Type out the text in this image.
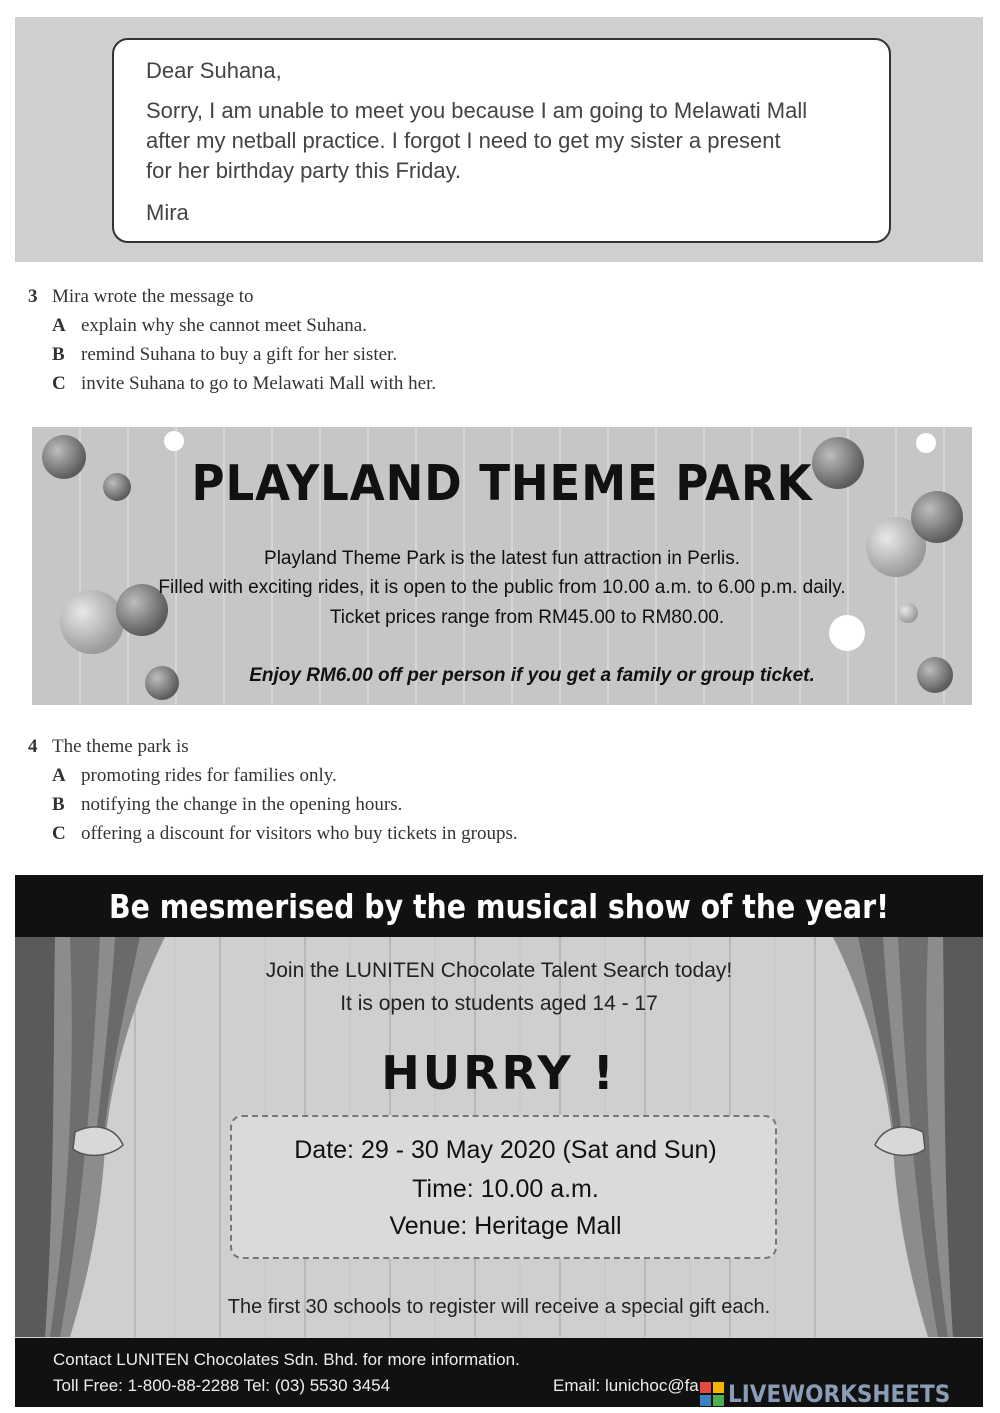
Dear Suhana,
Sorry, I am unable to meet you because I am going to Melawati Mall
after my netball practice. I forgot I need to get my sister a present
for her birthday party this Friday.
Mira
3 Mira wrote the message to
A explain why she cannot meet Suhana.
B remind Suhana to buy a gift for her sister.
C invite Suhana to go to Melawati Mall with her.
PLAYLAND THEME PARK
Playland Theme Park is the latest fun attraction in Perlis.
Filled with exciting rides, it is open to the public from 10.00 a.m. to 6.00 p.m. daily.
Ticket prices range from RM45.00 to RM80.00.
Enjoy RM6.00 off per person if you get a family or group ticket.
4 The theme park is
A promoting rides for families only.
B notifying the change in the opening hours.
C offering a discount for visitors who buy tickets in groups.
Be mesmerised by the musical show of the year!
Join the LUNITEN Chocolate Talent Search today!
It is open to students aged 14 - 17
HURRY !
Date: 29 - 30 May 2020 (Sat and Sun)
Time: 10.00 a.m.
Venue: Heritage Mall
The first 30 schools to register will receive a special gift each.
Contact LUNITEN Chocolates Sdn. Bhd. for more information.
Toll Free: 1-800-88-2288 Tel: (03) 5530 3454	Email: lunichoc@fa LIVEWORKSHEETS
